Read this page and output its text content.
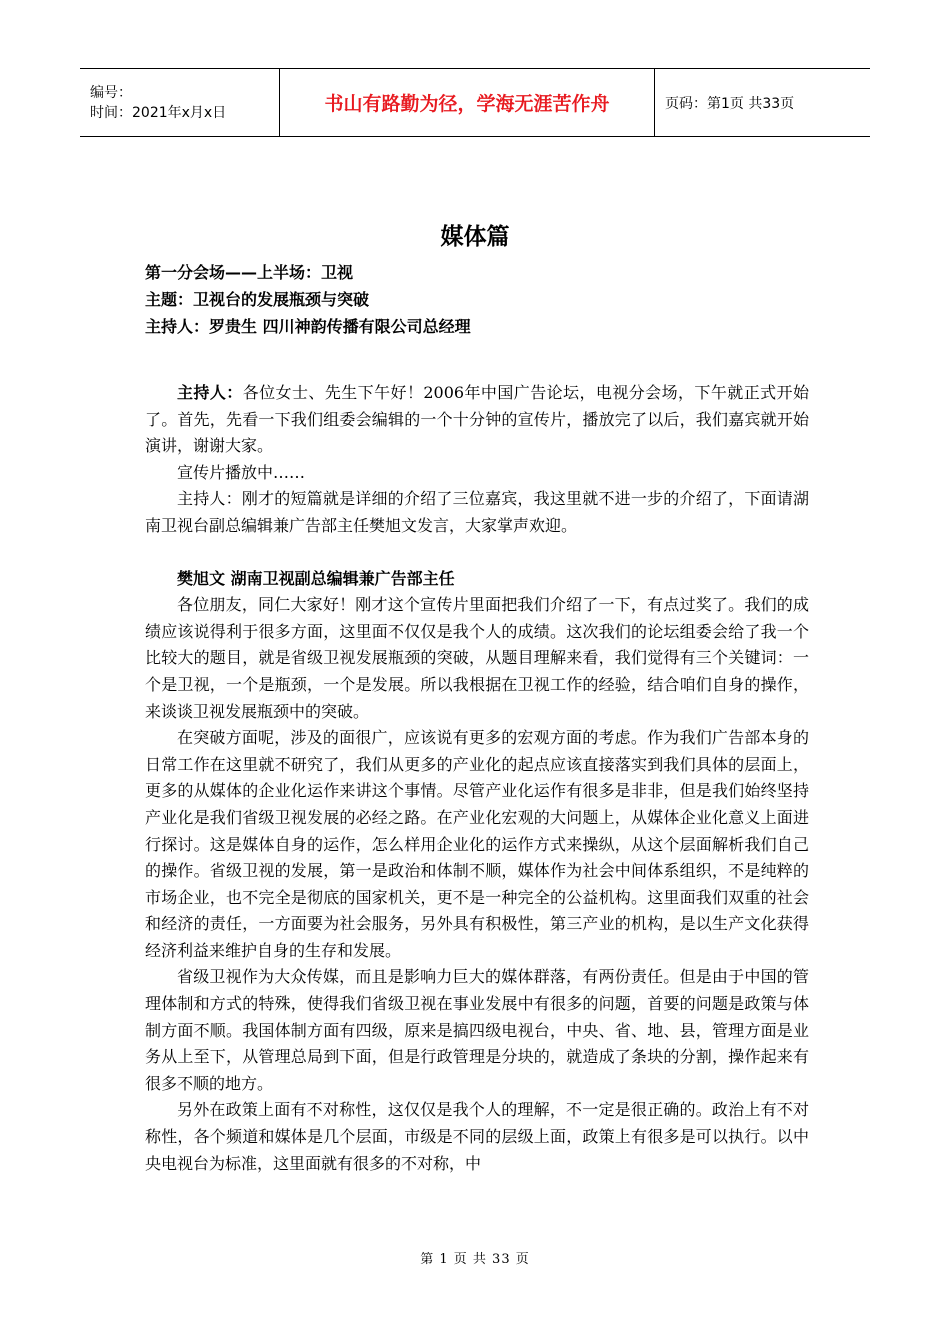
编号：
时间：2021年x月x日	书山有路勤为径，学海无涯苦作舟	页码：第1页 共33页
媒体篇
第一分会场——上半场：卫视
主题：卫视台的发展瓶颈与突破
主持人：罗贵生 四川神韵传播有限公司总经理

主持人：各位女士、先生下午好！2006年中国广告论坛，电视分会场，下午就正式开始了。首先，先看一下我们组委会编辑的一个十分钟的宣传片，播放完了以后，我们嘉宾就开始演讲，谢谢大家。

宣传片播放中……

主持人：刚才的短篇就是详细的介绍了三位嘉宾，我这里就不进一步的介绍了，下面请湖南卫视台副总编辑兼广告部主任樊旭文发言，大家掌声欢迎。

樊旭文 湖南卫视副总编辑兼广告部主任

各位朋友，同仁大家好！刚才这个宣传片里面把我们介绍了一下，有点过奖了。我们的成绩应该说得利于很多方面，这里面不仅仅是我个人的成绩。这次我们的论坛组委会给了我一个比较大的题目，就是省级卫视发展瓶颈的突破，从题目理解来看，我们觉得有三个关键词：一个是卫视，一个是瓶颈，一个是发展。所以我根据在卫视工作的经验，结合咱们自身的操作，来谈谈卫视发展瓶颈中的突破。

在突破方面呢，涉及的面很广，应该说有更多的宏观方面的考虑。作为我们广告部本身的日常工作在这里就不研究了，我们从更多的产业化的起点应该直接落实到我们具体的层面上，更多的从媒体的企业化运作来讲这个事情。尽管产业化运作有很多是非非，但是我们始终坚持产业化是我们省级卫视发展的必经之路。在产业化宏观的大问题上，从媒体企业化意义上面进行探讨。这是媒体自身的运作，怎么样用企业化的运作方式来操纵，从这个层面解析我们自己的操作。省级卫视的发展，第一是政治和体制不顺，媒体作为社会中间体系组织，不是纯粹的市场企业，也不完全是彻底的国家机关，更不是一种完全的公益机构。这里面我们双重的社会和经济的责任，一方面要为社会服务，另外具有积极性，第三产业的机构，是以生产文化获得经济利益来维护自身的生存和发展。

省级卫视作为大众传媒，而且是影响力巨大的媒体群落，有两份责任。但是由于中国的管理体制和方式的特殊，使得我们省级卫视在事业发展中有很多的问题，首要的问题是政策与体制方面不顺。我国体制方面有四级，原来是搞四级电视台，中央、省、地、县，管理方面是业务从上至下，从管理总局到下面，但是行政管理是分块的，就造成了条块的分割，操作起来有很多不顺的地方。

另外在政策上面有不对称性，这仅仅是我个人的理解，不一定是很正确的。政治上有不对称性，各个频道和媒体是几个层面，市级是不同的层级上面，政策上有很多是可以执行。以中央电视台为标准，这里面就有很多的不对称，中

第 1 页 共 33 页
